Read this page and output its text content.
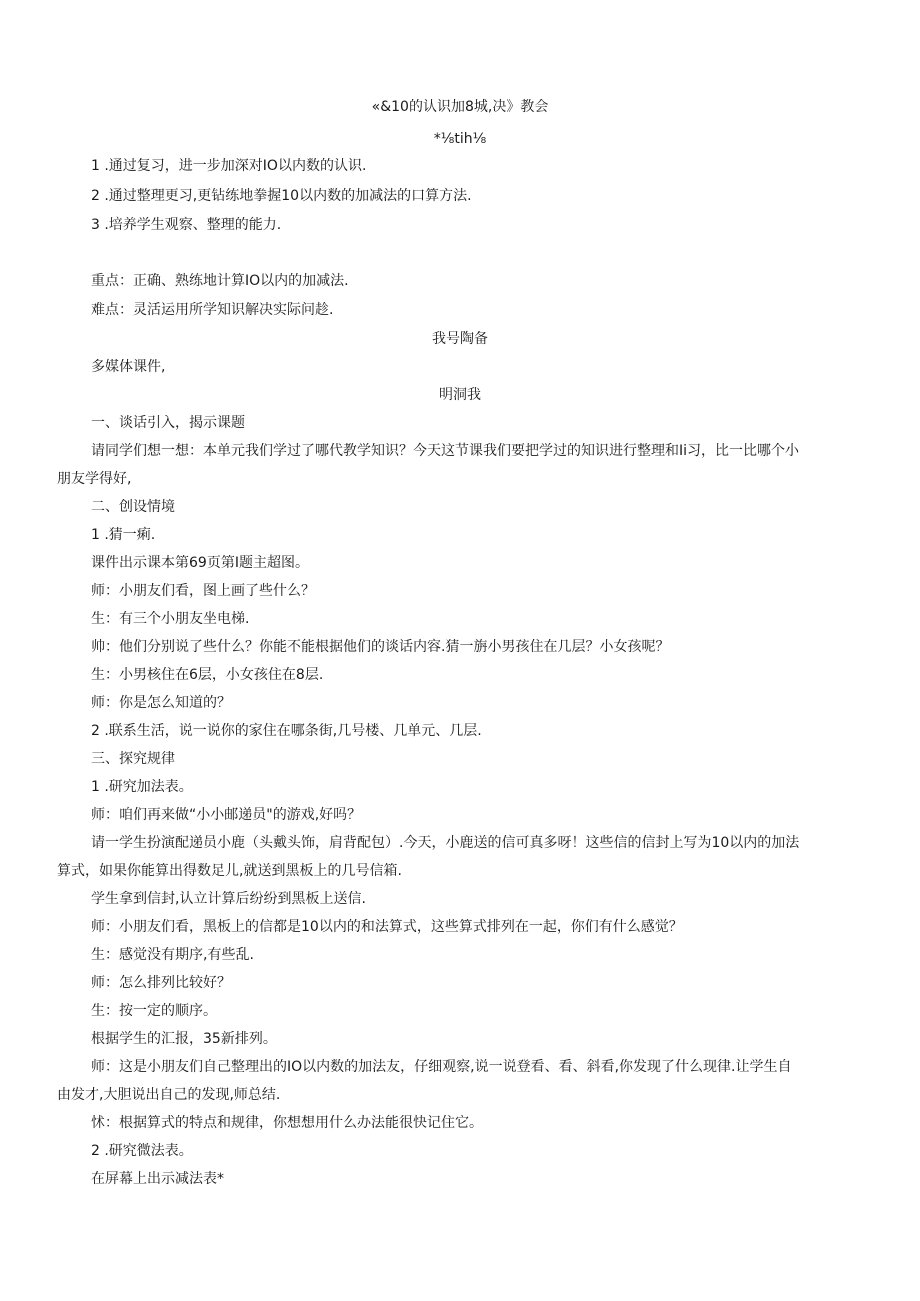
«&10的认识加8城,决》教会
*⅛tih⅛
1 .通过复习，进一步加深对IO以内数的认识.
2 .通过整理更习,更钻练地拳握10以内数的加减法的口算方法.
3 .培养学生观察、整理的能力.
重点：正确、熟练地计算IO以内的加减法.
难点：灵活运用所学知识解决实际问趁.
我号陶备
多媒体课件,
明洞我
一、谈话引入，揭示课题
请同学们想一想：本单元我们学过了哪代教学知识？今天这节课我们要把学过的知识进行整理和Ii习，比一比哪个小
朋友学得好,
二、创设情境
1 .猜一痢.
课件出示课本第69页第I题主超图。
师：小朋友们看，图上画了些什么？
生：有三个小朋友坐电梯.
帅：他们分别说了些什么？你能不能根据他们的谈话内容.猜一旃小男孩住在几层？小女孩呢？
生：小男核住在6层，小女孩住在8层.
师：你是怎么知道的？
2 .联系生活，说一说你的家住在哪条街,几号楼、几单元、几层.
三、探究规律
1 .研究加法表。
师：咱们再来做“小小邮递员"的游戏,好吗？
请一学生扮演配递员小鹿（头戴头饰，肩背配包）.今天，小鹿送的信可真多呀！这些信的信封上写为10以内的加法
算式，如果你能算出得数足儿,就送到黑板上的几号信箱.
学生拿到信封,认立计算后纷纷到黑板上送信.
师：小朋友们看，黑板上的信都是10以内的和法算式，这些算式排列在一起，你们有什么感觉？
生：感觉没有期序,有些乱.
师：怎么排列比较好？
生：按一定的顺序。
根据学生的汇报，35新排列。
师：这是小朋友们自己整理出的IO以内数的加法友，仔细观察,说一说登看、看、斜看,你发现了什么现律.让学生自
由发才,大胆说出自己的发现,师总结.
怵：根据算式的特点和规律，你想想用什么办法能很快记住它。
2 .研究微法表。
在屏幕上出示减法表*
